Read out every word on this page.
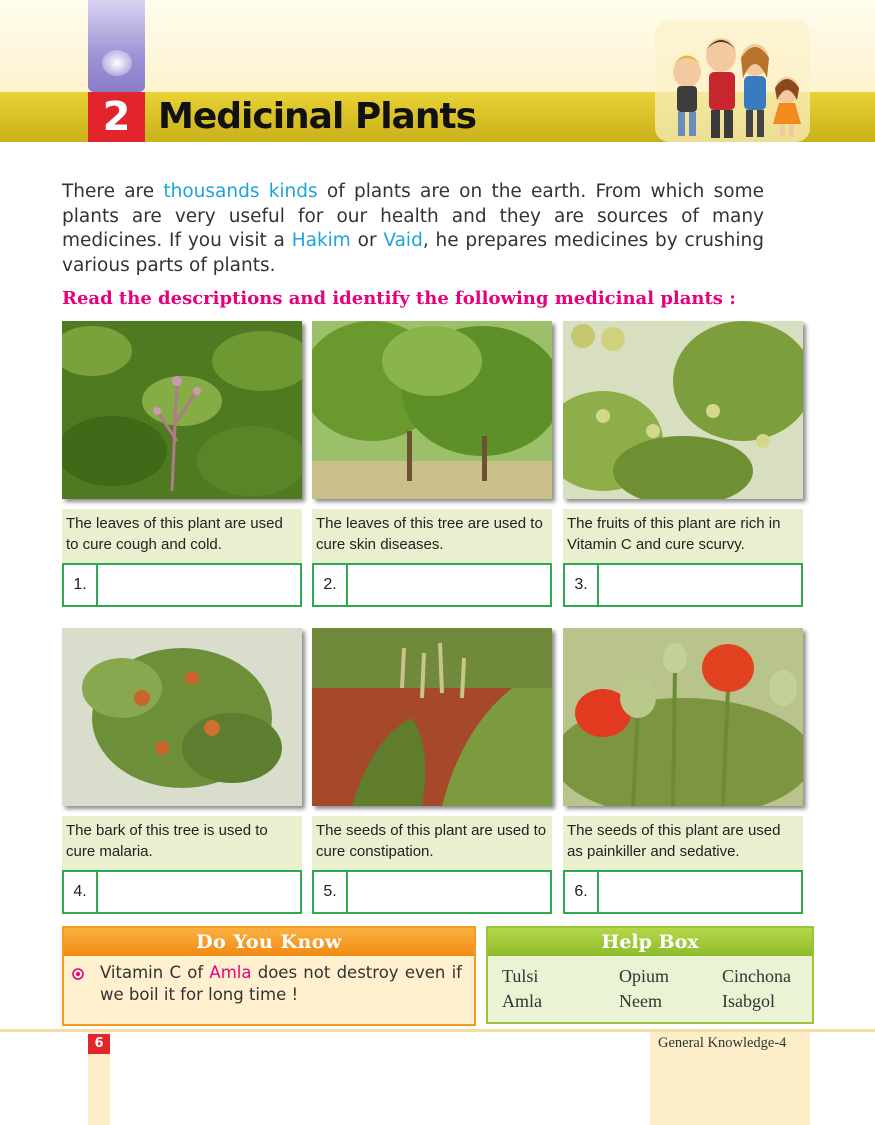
2 Medicinal Plants
There are thousands kinds of plants are on the earth. From which some plants are very useful for our health and they are sources of many medicines. If you visit a Hakim or Vaid, he prepares medicines by crushing various parts of plants.
Read the descriptions and identify the following medicinal plants :
The leaves of this plant are used to cure cough and cold.
1.
The leaves of this tree are used to cure skin diseases.
2.
The fruits of this plant are rich in Vitamin C and cure scurvy.
3.
The bark of this tree is used to cure malaria.
4.
The seeds of this plant are used to cure constipation.
5.
The seeds of this plant are used as painkiller and sedative.
6.
Do You Know
Vitamin C of Amla does not destroy even if we boil it for long time !
Help Box
Tulsi	Opium	Cinchona
Amla	Neem	Isabgol
6	General Knowledge-4
